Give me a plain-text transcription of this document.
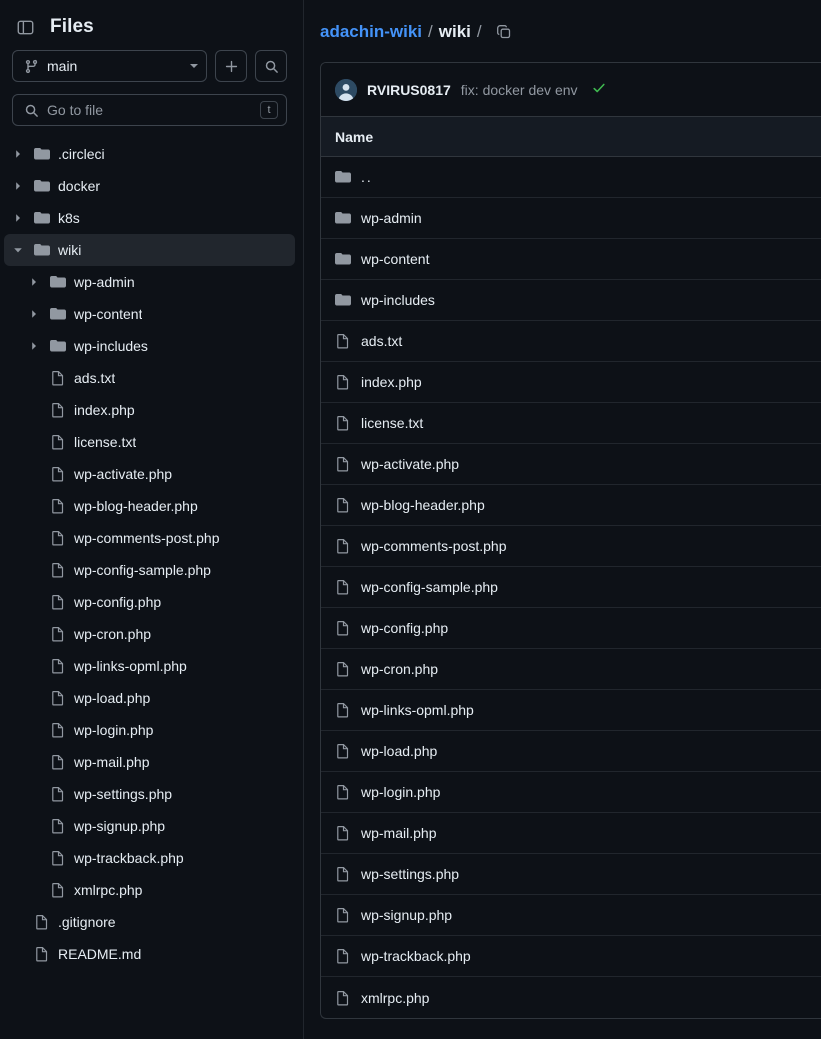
Files
main
Go to file	t
.circleci
docker
k8s
wiki
wp-admin
wp-content
wp-includes
ads.txt
index.php
license.txt
wp-activate.php
wp-blog-header.php
wp-comments-post.php
wp-config-sample.php
wp-config.php
wp-cron.php
wp-links-opml.php
wp-load.php
wp-login.php
wp-mail.php
wp-settings.php
wp-signup.php
wp-trackback.php
xmlrpc.php
.gitignore
README.md
adachin-wiki / wiki /
RVIRUS0817 fix: docker dev env
Name
..
wp-admin
wp-content
wp-includes
ads.txt
index.php
license.txt
wp-activate.php
wp-blog-header.php
wp-comments-post.php
wp-config-sample.php
wp-config.php
wp-cron.php
wp-links-opml.php
wp-load.php
wp-login.php
wp-mail.php
wp-settings.php
wp-signup.php
wp-trackback.php
xmlrpc.php
